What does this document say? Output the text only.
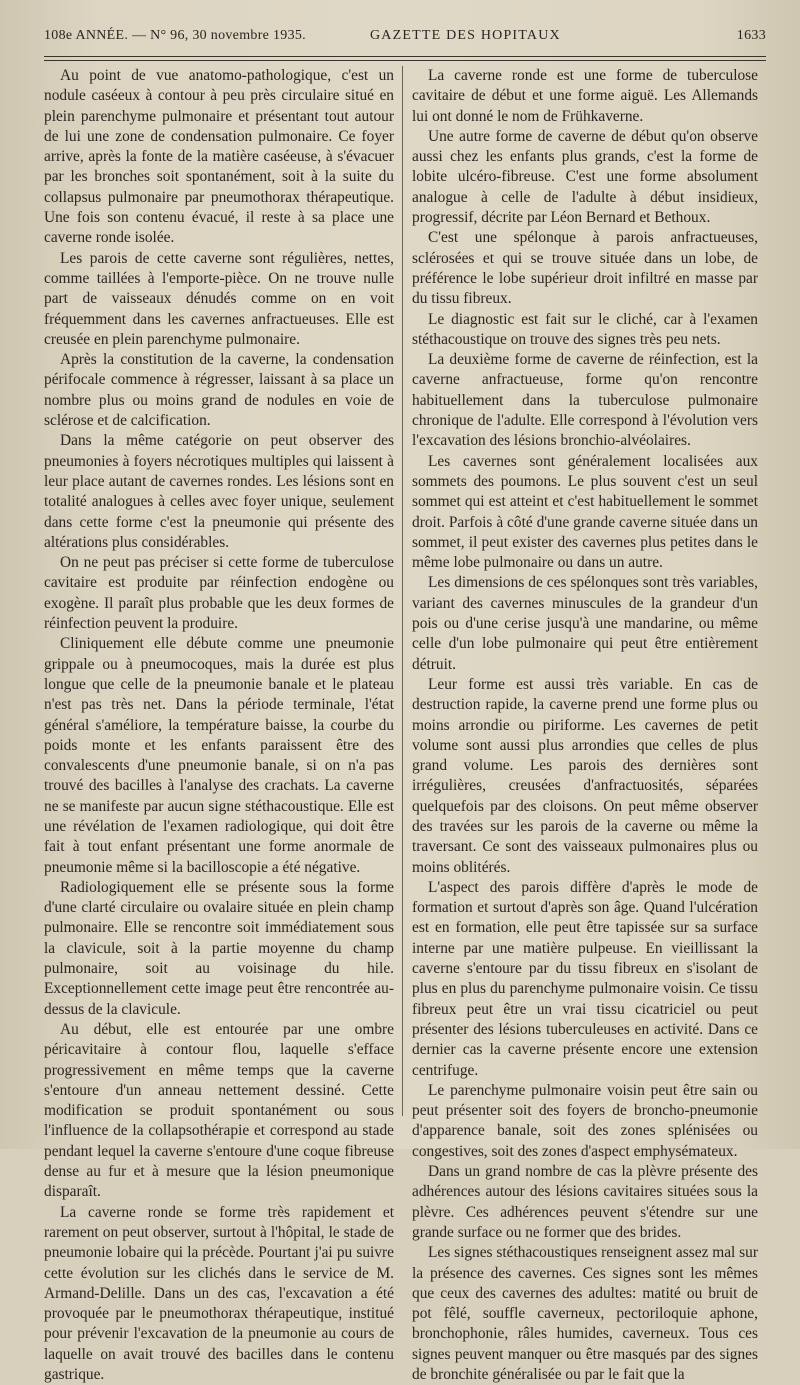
108e ANNÉE. — N° 96, 30 novembre 1935.	GAZETTE DES HOPITAUX	1633

Au point de vue anatomo-pathologique, c'est un nodule caséeux à contour à peu près circulaire situé en plein parenchyme pulmonaire et présentant tout autour de lui une zone de condensation pulmonaire. Ce foyer arrive, après la fonte de la matière caséeuse, à s'évacuer par les bronches soit spontanément, soit à la suite du collapsus pulmonaire par pneumothorax thérapeutique. Une fois son contenu évacué, il reste à sa place une caverne ronde isolée.

Les parois de cette caverne sont régulières, nettes, comme taillées à l'emporte-pièce. On ne trouve nulle part de vaisseaux dénudés comme on en voit fréquemment dans les cavernes anfractueuses. Elle est creusée en plein parenchyme pulmonaire.

Après la constitution de la caverne, la condensation périfocale commence à régresser, laissant à sa place un nombre plus ou moins grand de nodules en voie de sclérose et de calcification.

Dans la même catégorie on peut observer des pneumonies à foyers nécrotiques multiples qui laissent à leur place autant de cavernes rondes. Les lésions sont en totalité analogues à celles avec foyer unique, seulement dans cette forme c'est la pneumonie qui présente des altérations plus considérables.

On ne peut pas préciser si cette forme de tuberculose cavitaire est produite par réinfection endogène ou exogène. Il paraît plus probable que les deux formes de réinfection peuvent la produire.

Cliniquement elle débute comme une pneumonie grippale ou à pneumocoques, mais la durée est plus longue que celle de la pneumonie banale et le plateau n'est pas très net. Dans la période terminale, l'état général s'améliore, la température baisse, la courbe du poids monte et les enfants paraissent être des convalescents d'une pneumonie banale, si on n'a pas trouvé des bacilles à l'analyse des crachats. La caverne ne se manifeste par aucun signe stéthacoustique. Elle est une révélation de l'examen radiologique, qui doit être fait à tout enfant présentant une forme anormale de pneumonie même si la bacilloscopie a été négative.

Radiologiquement elle se présente sous la forme d'une clarté circulaire ou ovalaire située en plein champ pulmonaire. Elle se rencontre soit immédiatement sous la clavicule, soit à la partie moyenne du champ pulmonaire, soit au voisinage du hile. Exceptionnellement cette image peut être rencontrée au-dessus de la clavicule.

Au début, elle est entourée par une ombre péricavitaire à contour flou, laquelle s'efface progressivement en même temps que la caverne s'entoure d'un anneau nettement dessiné. Cette modification se produit spontanément ou sous l'influence de la collapsothérapie et correspond au stade pendant lequel la caverne s'entoure d'une coque fibreuse dense au fur et à mesure que la lésion pneumonique disparaît.

La caverne ronde se forme très rapidement et rarement on peut observer, surtout à l'hôpital, le stade de pneumonie lobaire qui la précède. Pourtant j'ai pu suivre cette évolution sur les clichés dans le service de M. Armand-Delille. Dans un des cas, l'excavation a été provoquée par le pneumothorax thérapeutique, institué pour prévenir l'excavation de la pneumonie au cours de laquelle on avait trouvé des bacilles dans le contenu gastrique.

La caverne ronde est une forme de tuberculose cavitaire de début et une forme aiguë. Les Allemands lui ont donné le nom de Frühkaverne.

Une autre forme de caverne de début qu'on observe aussi chez les enfants plus grands, c'est la forme de lobite ulcéro-fibreuse. C'est une forme absolument analogue à celle de l'adulte à début insidieux, progressif, décrite par Léon Bernard et Bethoux.

C'est une spélonque à parois anfractueuses, sclérosées et qui se trouve située dans un lobe, de préférence le lobe supérieur droit infiltré en masse par du tissu fibreux.

Le diagnostic est fait sur le cliché, car à l'examen stéthacoustique on trouve des signes très peu nets.

La deuxième forme de caverne de réinfection, est la caverne anfractueuse, forme qu'on rencontre habituellement dans la tuberculose pulmonaire chronique de l'adulte. Elle correspond à l'évolution vers l'excavation des lésions bronchio-alvéolaires.

Les cavernes sont généralement localisées aux sommets des poumons. Le plus souvent c'est un seul sommet qui est atteint et c'est habituellement le sommet droit. Parfois à côté d'une grande caverne située dans un sommet, il peut exister des cavernes plus petites dans le même lobe pulmonaire ou dans un autre.

Les dimensions de ces spélonques sont très variables, variant des cavernes minuscules de la grandeur d'un pois ou d'une cerise jusqu'à une mandarine, ou même celle d'un lobe pulmonaire qui peut être entièrement détruit.

Leur forme est aussi très variable. En cas de destruction rapide, la caverne prend une forme plus ou moins arrondie ou piriforme. Les cavernes de petit volume sont aussi plus arrondies que celles de plus grand volume. Les parois des dernières sont irrégulières, creusées d'anfractuosités, séparées quelquefois par des cloisons. On peut même observer des travées sur les parois de la caverne ou même la traversant. Ce sont des vaisseaux pulmonaires plus ou moins oblitérés.

L'aspect des parois diffère d'après le mode de formation et surtout d'après son âge. Quand l'ulcération est en formation, elle peut être tapissée sur sa surface interne par une matière pulpeuse. En vieillissant la caverne s'entoure par du tissu fibreux en s'isolant de plus en plus du parenchyme pulmonaire voisin. Ce tissu fibreux peut être un vrai tissu cicatriciel ou peut présenter des lésions tuberculeuses en activité. Dans ce dernier cas la caverne présente encore une extension centrifuge.

Le parenchyme pulmonaire voisin peut être sain ou peut présenter soit des foyers de broncho-pneumonie d'apparence banale, soit des zones splénisées ou congestives, soit des zones d'aspect emphysémateux.

Dans un grand nombre de cas la plèvre présente des adhérences autour des lésions cavitaires situées sous la plèvre. Ces adhérences peuvent s'étendre sur une grande surface ou ne former que des brides.

Les signes stéthacoustiques renseignent assez mal sur la présence des cavernes. Ces signes sont les mêmes que ceux des cavernes des adultes: matité ou bruit de pot fêlé, souffle caverneux, pectoriloquie aphone, bronchophonie, râles humides, caverneux. Tous ces signes peuvent manquer ou être masqués par des signes de bronchite généralisée ou par le fait que la
